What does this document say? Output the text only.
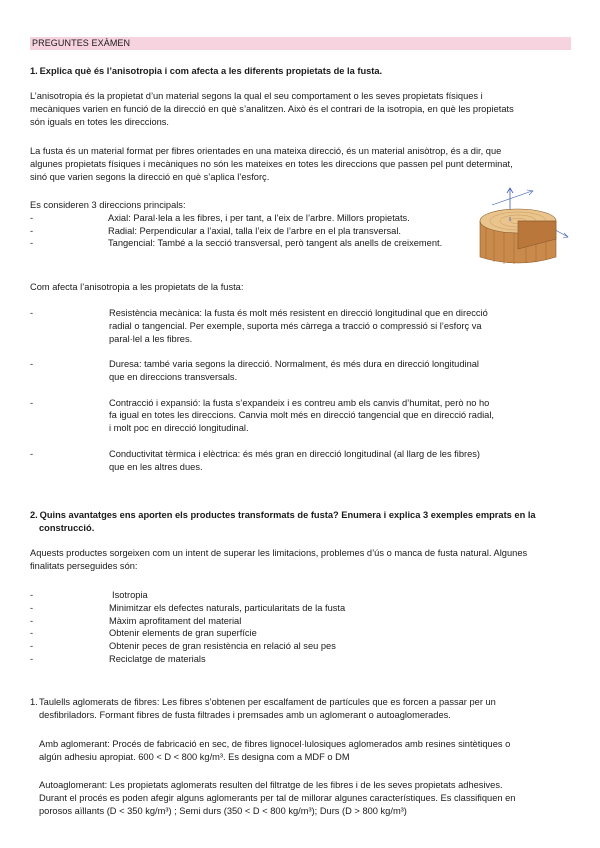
PREGUNTES EXÀMEN
1. Explica què és l’anisotropia i com afecta a les diferents propietats de la fusta.

L’anisotropia és la propietat d’un material segons la qual el seu comportament o les seves propietats físiques i

mecàniques varien en funció de la direcció en què s’analitzen. Això és el contrari de la isotropia, en què les propietats

són iguals en totes les direccions.

La fusta és un material format per fibres orientades en una mateixa direcció, és un material anisòtrop, és a dir, que

algunes propietats físiques i mecàniques no són les mateixes en totes les direccions que passen pel punt determinat,

sinó que varien segons la direcció en què s’aplica l’esforç.

Es consideren 3 direccions principals:

-	Axial: Paral·lela a les fibres, i per tant, a l’eix de l’arbre. Millors propietats.
-	Radial: Perpendicular a l’axial, talla l’eix de l’arbre en el pla transversal.
-	Tangencial: També a la secció transversal, però tangent als anells de creixement.
Com afecta l’anisotropia a les propietats de la fusta:
-	Resistència mecànica: la fusta és molt més resistent en direcció longitudinal que en direcció
radial o tangencial. Per exemple, suporta més càrrega a tracció o compressió si l’esforç va
paral·lel a les fibres.
-	Duresa: també varia segons la direcció. Normalment, és més dura en direcció longitudinal
que en direccions transversals.
-	Contracció i expansió: la fusta s’expandeix i es contreu amb els canvis d’humitat, però no ho
fa igual en totes les direccions. Canvia molt més en direcció tangencial que en direcció radial,
i molt poc en direcció longitudinal.
-	Conductivitat tèrmica i elèctrica: és més gran en direcció longitudinal (al llarg de les fibres)
que en les altres dues.
2. Quins avantatges ens aporten els productes transformats de fusta? Enumera i explica 3 exemples emprats en la
construcció.

Aquests productes sorgeixen com un intent de superar les limitacions, problemes d’ús o manca de fusta natural. Algunes

finalitats perseguides són:

-	Isotropia
-	Minimitzar els defectes naturals, particularitats de la fusta
-	Màxim aprofitament del material
-	Obtenir elements de gran superfície
-	Obtenir peces de gran resistència en relació al seu pes
-	Reciclatge de materials
1.Taulells aglomerats de fibres: Les fibres s’obtenen per escalfament de partícules que es forcen a passar per un
desfibriladors. Formant fibres de fusta filtrades i premsades amb un aglomerant o autoaglomerades.

Amb aglomerant: Procés de fabricació en sec, de fibres lignocel·lulosiques aglomerados amb resines sintètiques o

algún adhesiu apropiat. 600 < D < 800 kg/m³. Es designa com a MDF o DM

Autoaglomerant: Les propietats aglomerats resulten del filtratge de les fibres i de les seves propietats adhesives.

Durant el procés es poden afegir alguns aglomerants per tal de millorar algunes característiques. Es classifiquen en

porosos aïllants (D < 350 kg/m³) ; Semi durs (350 < D < 800 kg/m³); Durs (D > 800 kg/m³)
